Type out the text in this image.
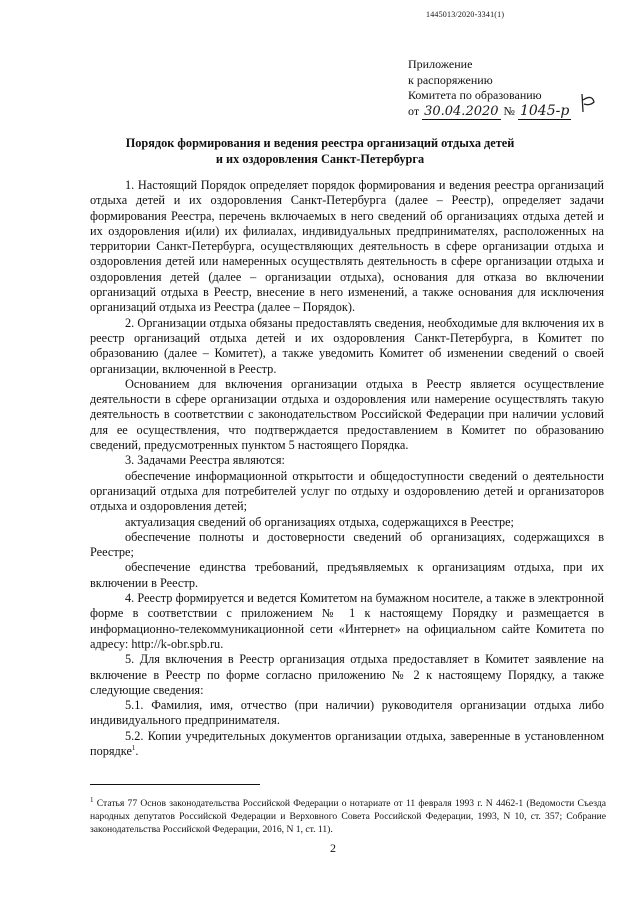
1445013/2020-3341(1)
Приложение
к распоряжению
Комитета по образованию
от 30.04.2020 № 1045-р
Порядок формирования и ведения реестра организаций отдыха детей
и их оздоровления Санкт-Петербурга

1. Настоящий Порядок определяет порядок формирования и ведения реестра организаций отдыха детей и их оздоровления Санкт-Петербурга (далее – Реестр), определяет задачи формирования Реестра, перечень включаемых в него сведений об организациях отдыха детей и их оздоровления и(или) их филиалах, индивидуальных предпринимателях, расположенных на территории Санкт-Петербурга, осуществляющих деятельность в сфере организации отдыха и оздоровления детей или намеренных осуществлять деятельность в сфере организации отдыха и оздоровления детей (далее – организации отдыха), основания для отказа во включении организаций отдыха в Реестр, внесение в него изменений, а также основания для исключения организаций отдыха из Реестра (далее – Порядок).

2. Организации отдыха обязаны предоставлять сведения, необходимые для включения их в реестр организаций отдыха детей и их оздоровления Санкт-Петербурга, в Комитет по образованию (далее – Комитет), а также уведомить Комитет об изменении сведений о своей организации, включенной в Реестр.

Основанием для включения организации отдыха в Реестр является осуществление деятельности в сфере организации отдыха и оздоровления или намерение осуществлять такую деятельность в соответствии с законодательством Российской Федерации при наличии условий для ее осуществления, что подтверждается предоставлением в Комитет по образованию сведений, предусмотренных пунктом 5 настоящего Порядка.

3. Задачами Реестра являются:

обеспечение информационной открытости и общедоступности сведений о деятельности организаций отдыха для потребителей услуг по отдыху и оздоровлению детей и организаторов отдыха и оздоровления детей;

актуализация сведений об организациях отдыха, содержащихся в Реестре;

обеспечение полноты и достоверности сведений об организациях, содержащихся в Реестре;

обеспечение единства требований, предъявляемых к организациям отдыха, при их включении в Реестр.

4. Реестр формируется и ведется Комитетом на бумажном носителе, а также в электронной форме в соответствии с приложением № 1 к настоящему Порядку и размещается в информационно-телекоммуникационной сети «Интернет» на официальном сайте Комитета по адресу: http://k-obr.spb.ru.

5. Для включения в Реестр организация отдыха предоставляет в Комитет заявление на включение в Реестр по форме согласно приложению № 2 к настоящему Порядку, а также следующие сведения:

5.1. Фамилия, имя, отчество (при наличии) руководителя организации отдыха либо индивидуального предпринимателя.

5.2. Копии учредительных документов организации отдыха, заверенные в установленном порядке$^1$.

$^1$ Статья 77 Основ законодательства Российской Федерации о нотариате от 11 февраля 1993 г. N 4462-1 (Ведомости Съезда народных депутатов Российской Федерации и Верховного Совета Российской Федерации, 1993, N 10, ст. 357; Собрание законодательства Российской Федерации, 2016, N 1, ст. 11).
2
